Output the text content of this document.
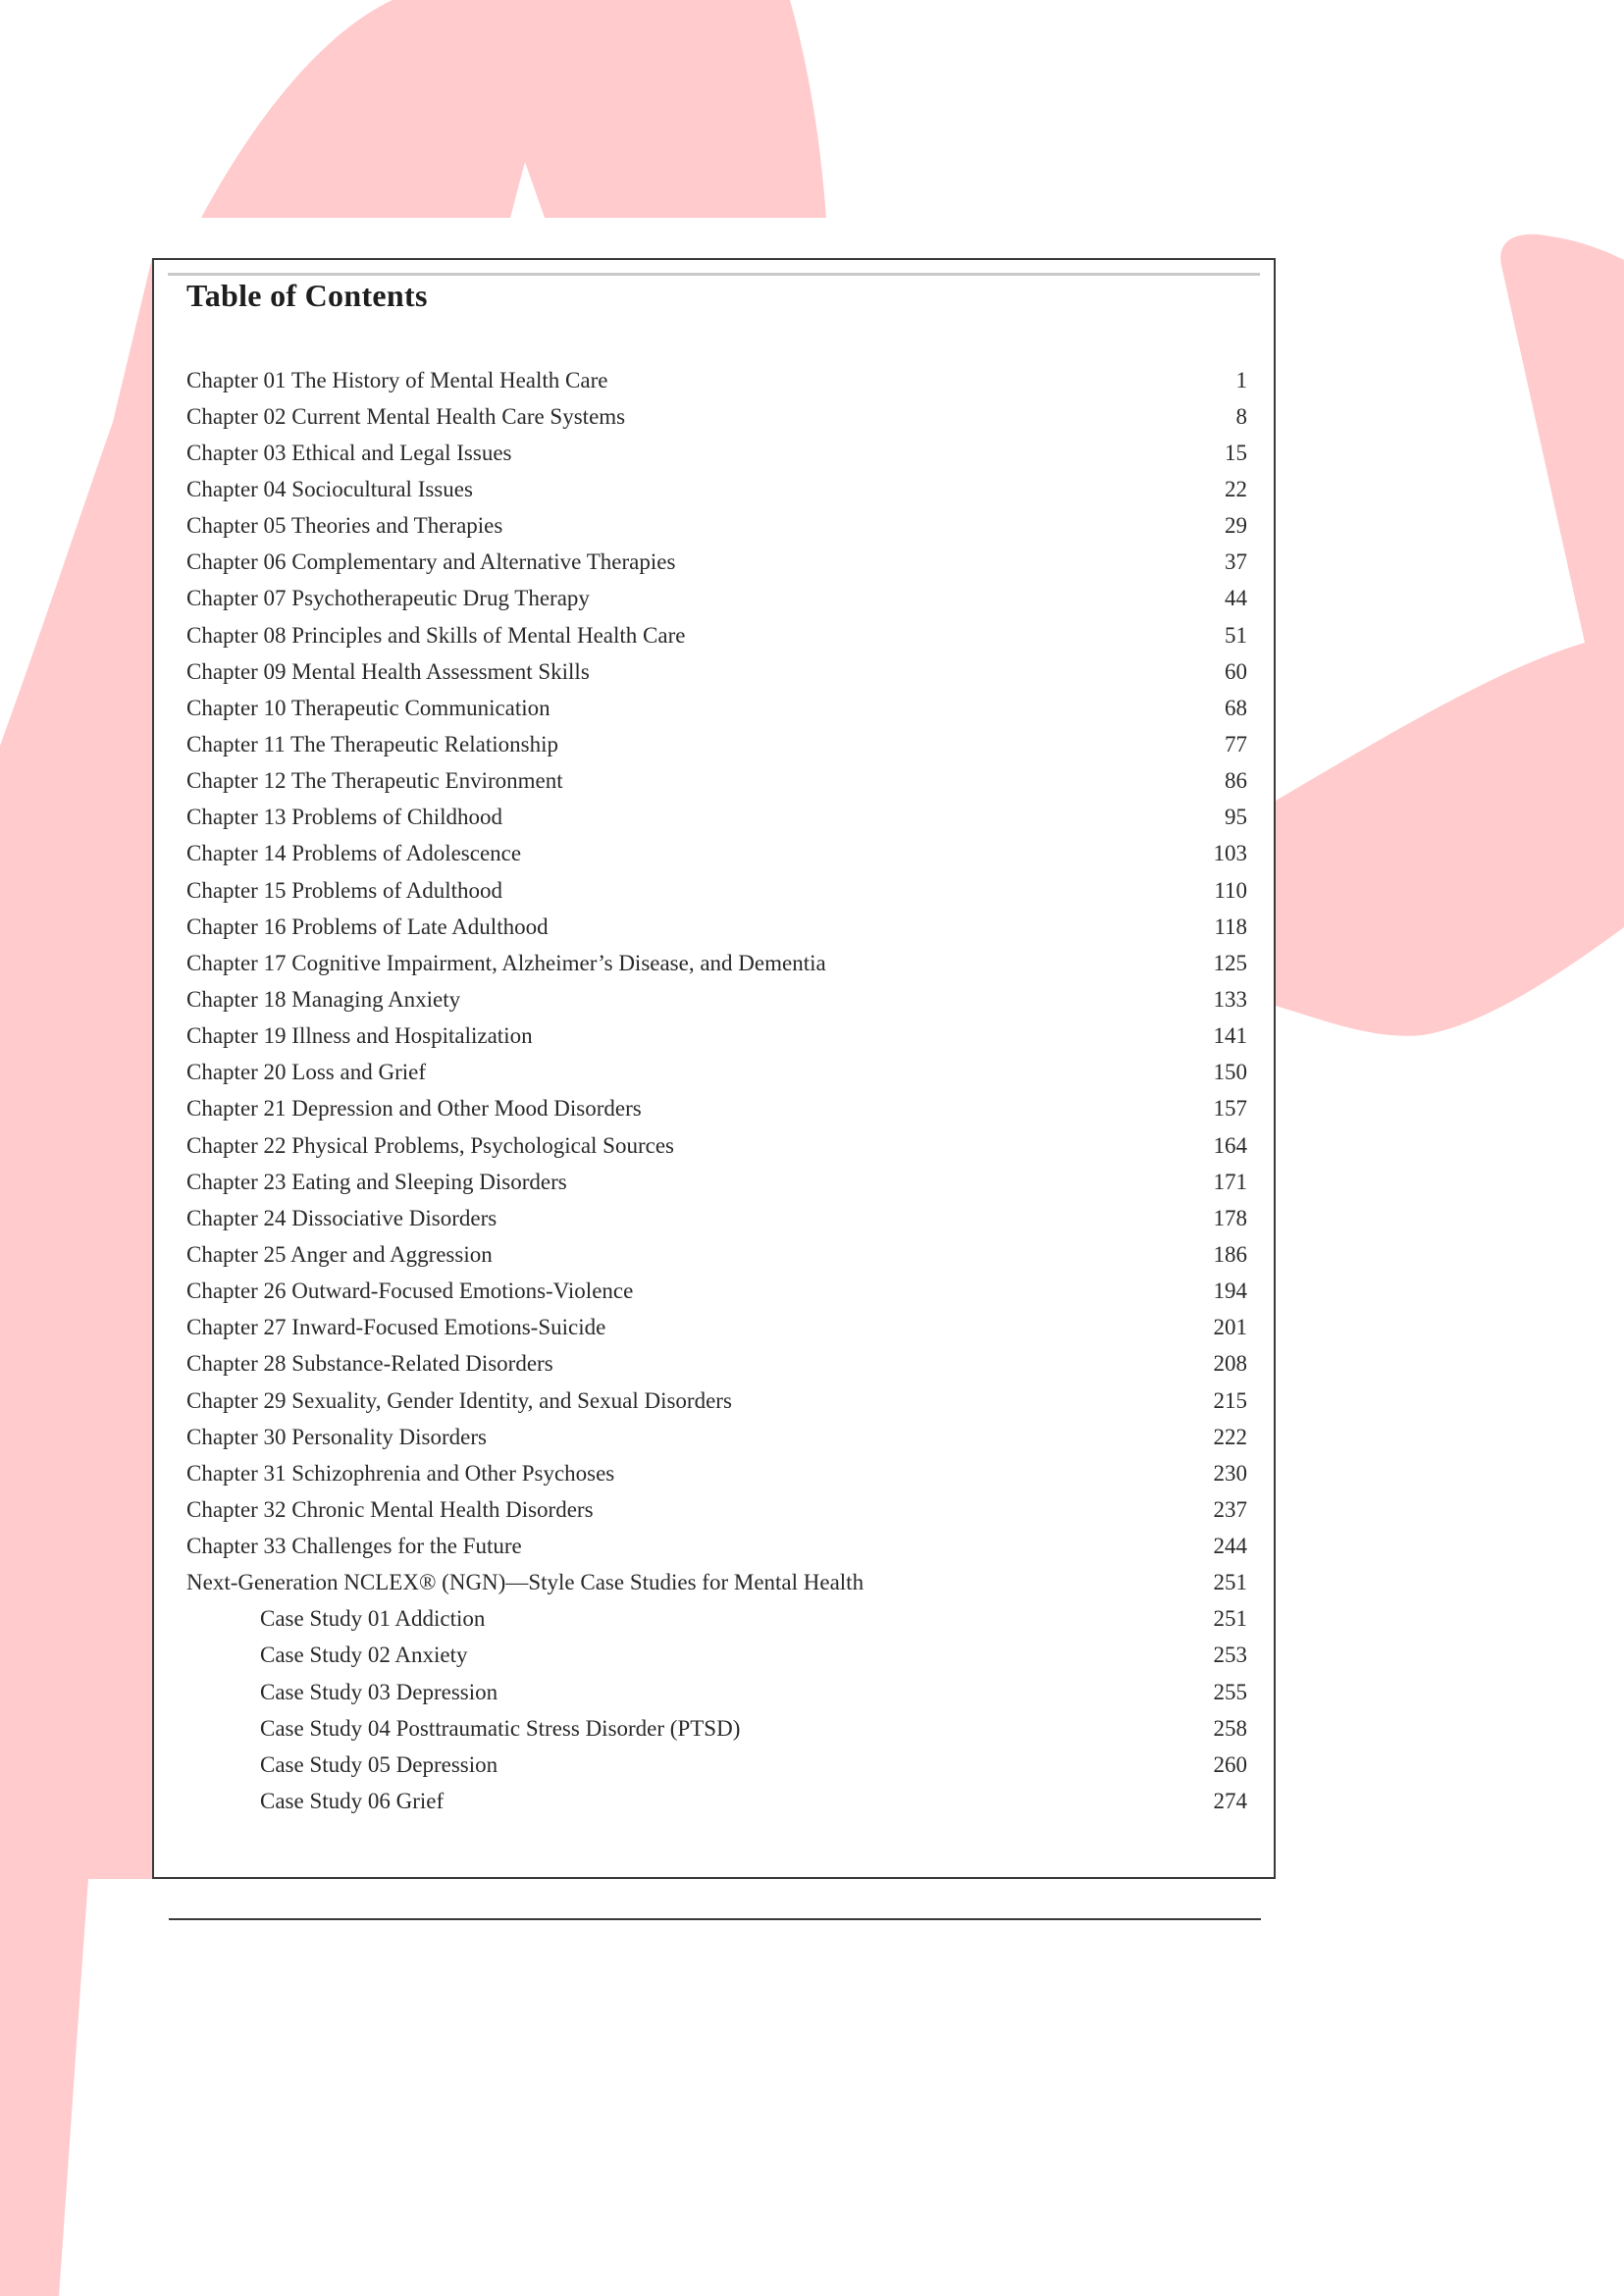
Table of Contents
Chapter 01 The History of Mental Health Care	1
Chapter 02 Current Mental Health Care Systems	8
Chapter 03 Ethical and Legal Issues	15
Chapter 04 Sociocultural Issues	22
Chapter 05 Theories and Therapies	29
Chapter 06 Complementary and Alternative Therapies	37
Chapter 07 Psychotherapeutic Drug Therapy	44
Chapter 08 Principles and Skills of Mental Health Care	51
Chapter 09 Mental Health Assessment Skills	60
Chapter 10 Therapeutic Communication	68
Chapter 11 The Therapeutic Relationship	77
Chapter 12 The Therapeutic Environment	86
Chapter 13 Problems of Childhood	95
Chapter 14 Problems of Adolescence	103
Chapter 15 Problems of Adulthood	110
Chapter 16 Problems of Late Adulthood	118
Chapter 17 Cognitive Impairment, Alzheimer’s Disease, and Dementia	125
Chapter 18 Managing Anxiety	133
Chapter 19 Illness and Hospitalization	141
Chapter 20 Loss and Grief	150
Chapter 21 Depression and Other Mood Disorders	157
Chapter 22 Physical Problems, Psychological Sources	164
Chapter 23 Eating and Sleeping Disorders	171
Chapter 24 Dissociative Disorders	178
Chapter 25 Anger and Aggression	186
Chapter 26 Outward-Focused Emotions-Violence	194
Chapter 27 Inward-Focused Emotions-Suicide	201
Chapter 28 Substance-Related Disorders	208
Chapter 29 Sexuality, Gender Identity, and Sexual Disorders	215
Chapter 30 Personality Disorders	222
Chapter 31 Schizophrenia and Other Psychoses	230
Chapter 32 Chronic Mental Health Disorders	237
Chapter 33 Challenges for the Future	244
Next-Generation NCLEX® (NGN)—Style Case Studies for Mental Health	251
Case Study 01 Addiction	251
Case Study 02 Anxiety	253
Case Study 03 Depression	255
Case Study 04 Posttraumatic Stress Disorder (PTSD)	258
Case Study 05 Depression	260
Case Study 06 Grief	274
